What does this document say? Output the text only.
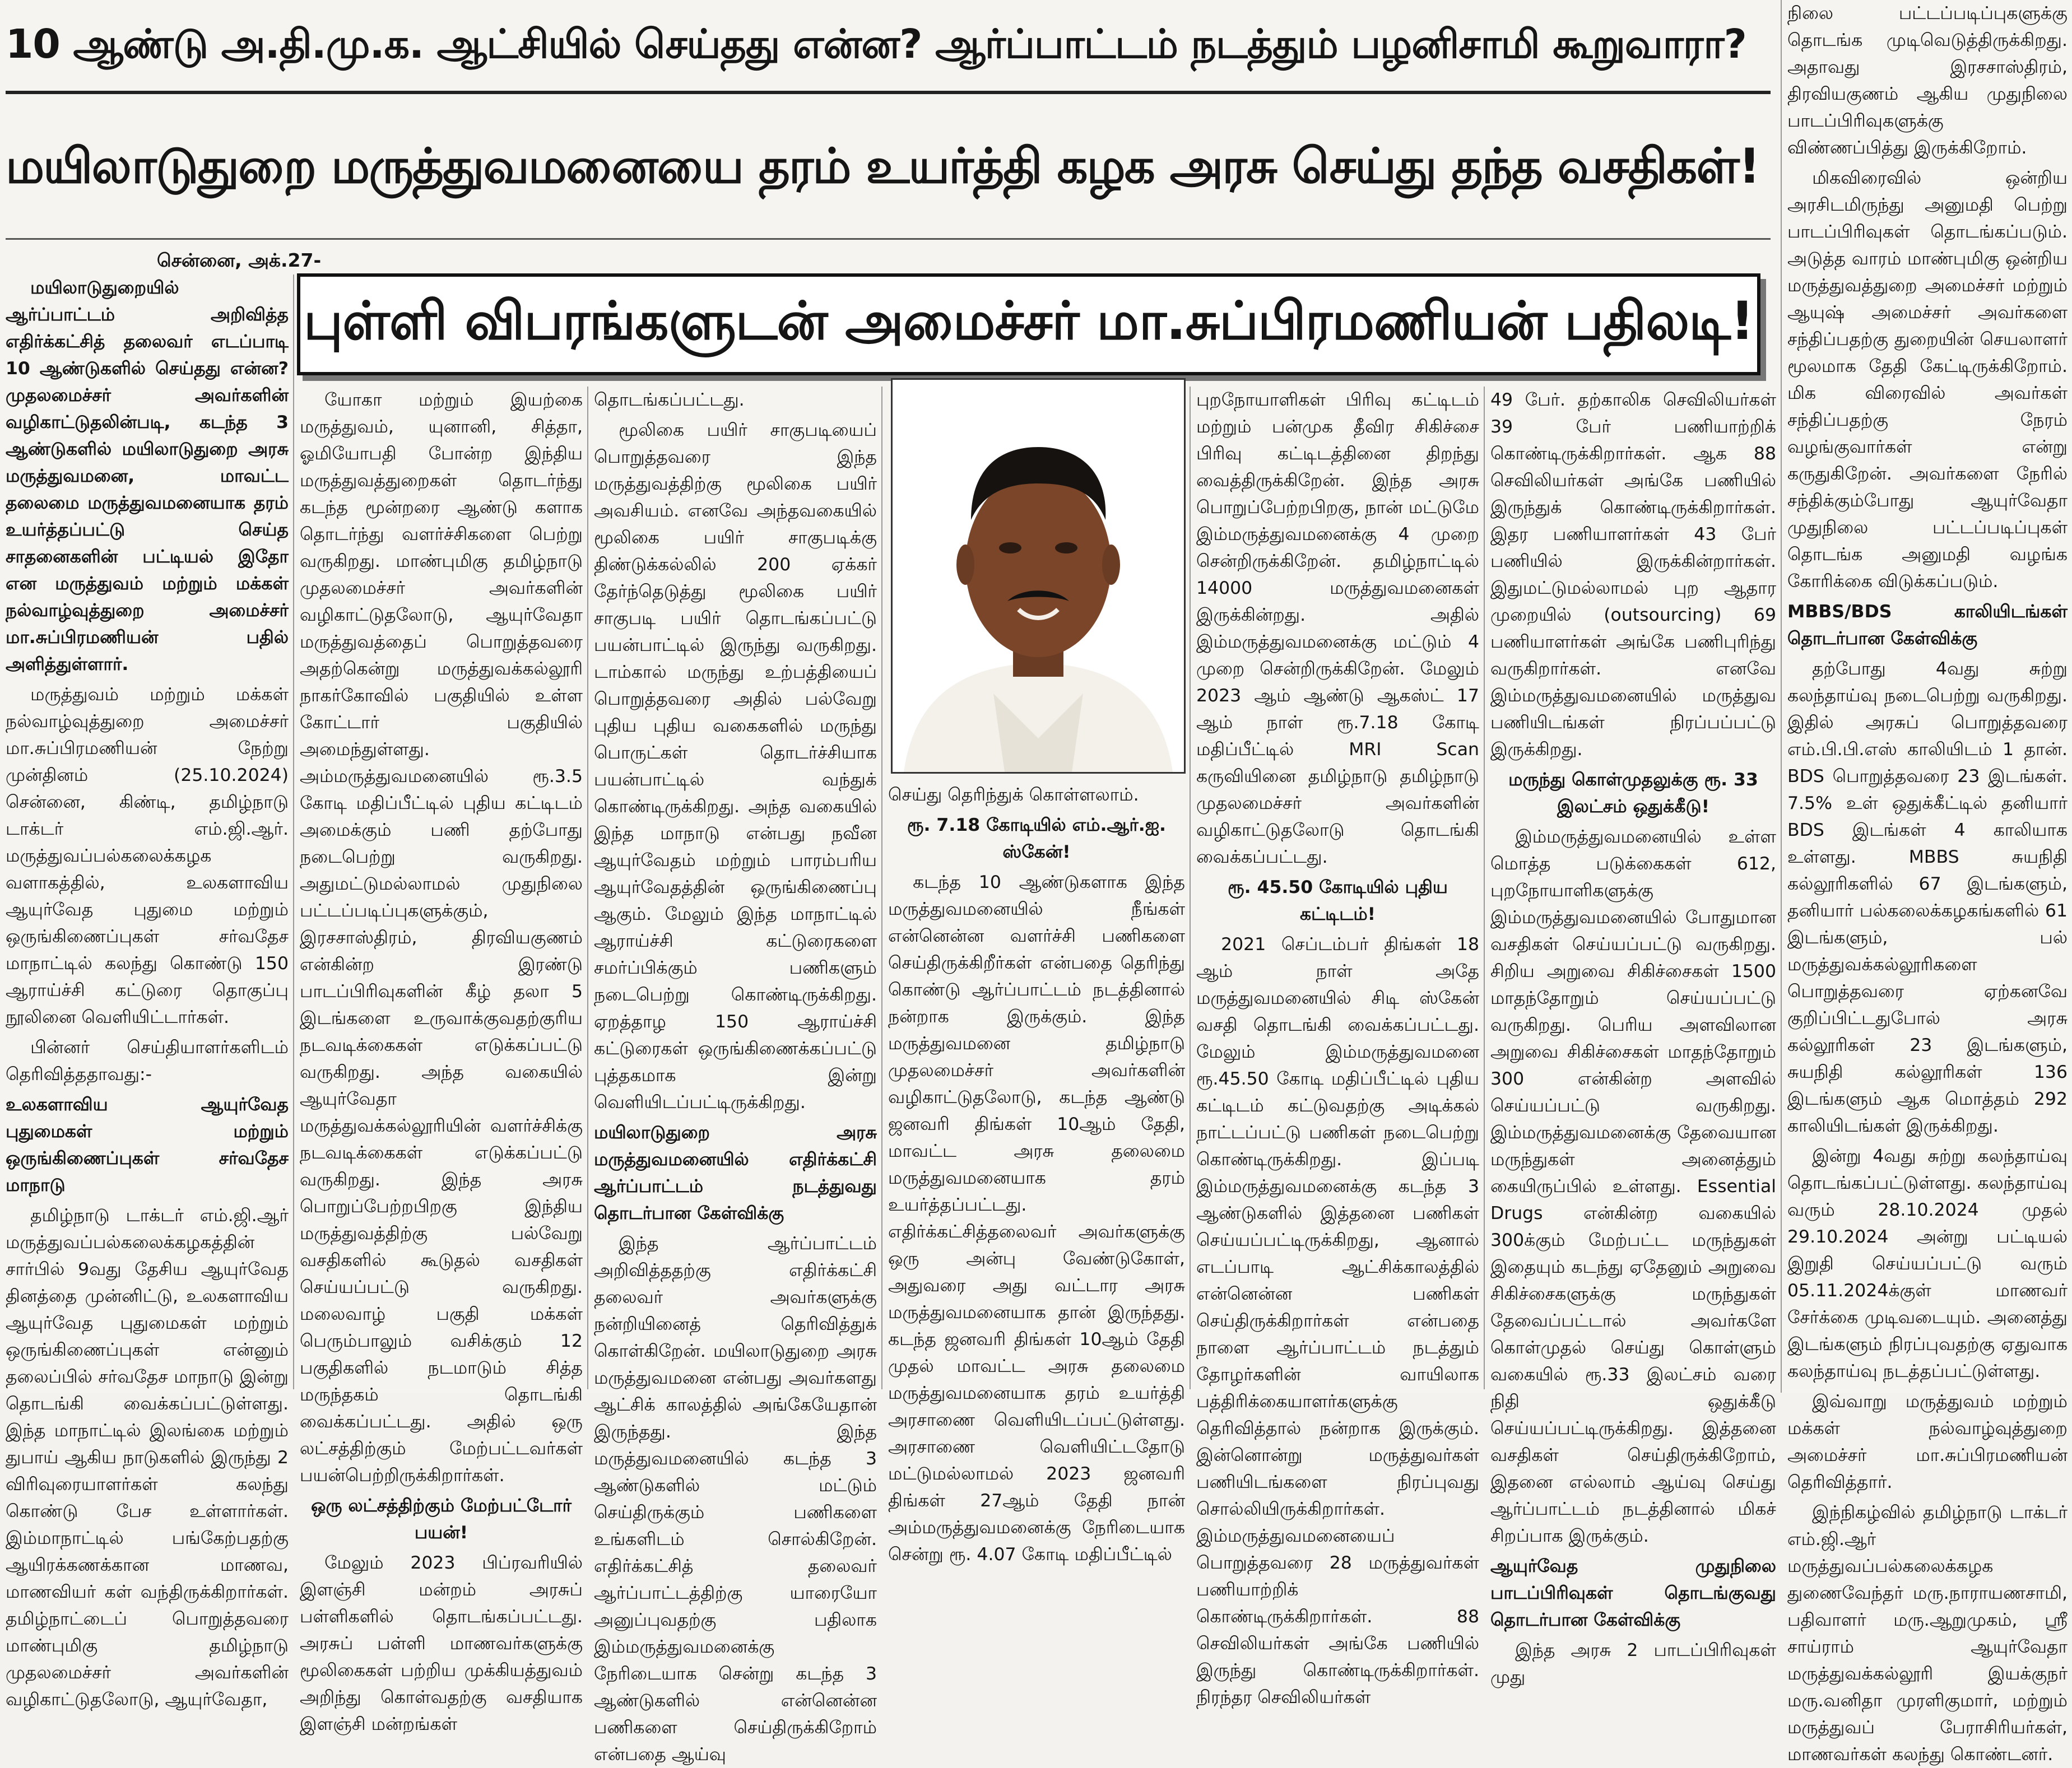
10 ஆண்டு அ.தி.மு.க. ஆட்சியில் செய்தது என்ன? ஆர்ப்பாட்டம் நடத்தும் பழனிசாமி கூறுவாரா?
மயிலாடுதுறை மருத்துவமனையை தரம் உயர்த்தி கழக அரசு செய்து தந்த வசதிகள்!
சென்னை, அக்.27-
புள்ளி விபரங்களுடன் அமைச்சர் மா.சுப்பிரமணியன் பதிலடி!

மயிலாடுதுறையில் ஆர்ப்பாட்டம் அறிவித்த எதிர்க்கட்சித் தலைவர் எடப்பாடி 10 ஆண்டுகளில் செய்தது என்ன? முதலமைச்சர் அவர்களின் வழிகாட்டுதலின்படி, கடந்த 3 ஆண்டுகளில் மயிலாடுதுறை அரசு மருத்துவமனை, மாவட்ட தலைமை மருத்துவமனையாக தரம் உயர்த்தப்பட்டு செய்த சாதனைகளின் பட்டியல் இதோ என மருத்துவம் மற்றும் மக்கள் நல்வாழ்வுத்துறை அமைச்சர் மா.சுப்பிரமணியன் பதில் அளித்துள்ளார்.

மருத்துவம் மற்றும் மக்கள் நல்வாழ்வுத்துறை அமைச்சர் மா.சுப்பிரமணியன் நேற்று முன்தினம் (25.10.2024) சென்னை, கிண்டி, தமிழ்நாடு டாக்டர் எம்.ஜி.ஆர். மருத்துவப்பல்கலைக்கழக வளாகத்தில், உலகளாவிய ஆயுர்வேத புதுமை மற்றும் ஒருங்கிணைப்புகள் சர்வதேச மாநாட்டில் கலந்து கொண்டு 150 ஆராய்ச்சி கட்டுரை தொகுப்பு நூலினை வெளியிட்டார்கள்.

பின்னர் செய்தியாளர்களிடம் தெரிவித்ததாவது:-

உலகளாவிய ஆயுர்வேத புதுமைகள் மற்றும் ஒருங்கிணைப்புகள் சர்வதேச மாநாடு

தமிழ்நாடு டாக்டர் எம்.ஜி.ஆர் மருத்துவப்பல்கலைக்கழகத்தின் சார்பில் 9வது தேசிய ஆயுர்வேத தினத்தை முன்னிட்டு, உலகளாவிய ஆயுர்வேத புதுமைகள் மற்றும் ஒருங்கிணைப்புகள் என்னும் தலைப்பில் சர்வதேச மாநாடு இன்று தொடங்கி வைக்கப்பட்டுள்ளது. இந்த மாநாட்டில் இலங்கை மற்றும் துபாய் ஆகிய நாடுகளில் இருந்து 2 விரிவுரையாளர்கள் கலந்து கொண்டு பேச உள்ளார்கள். இம்மாநாட்டில் பங்கேற்பதற்கு ஆயிரக்கணக்கான மாணவ, மாணவியர் கள் வந்திருக்கிறார்கள். தமிழ்நாட்டைப் பொறுத்தவரை மாண்புமிகு தமிழ்நாடு முதலமைச்சர் அவர்களின் வழிகாட்டுதலோடு, ஆயுர்வேதா,

யோகா மற்றும் இயற்கை மருத்துவம், யுனானி, சித்தா, ஓமியோபதி போன்ற இந்திய மருத்துவத்துறைகள் தொடர்ந்து கடந்த மூன்றரை ஆண்டு களாக தொடர்ந்து வளர்ச்சிகளை பெற்று வருகிறது. மாண்புமிகு தமிழ்நாடு முதலமைச்சர் அவர்களின் வழிகாட்டுதலோடு, ஆயுர்வேதா மருத்துவத்தைப் பொறுத்தவரை அதற்கென்று மருத்துவக்கல்லூரி நாகர்கோவில் பகுதியில் உள்ள கோட்டார் பகுதியில் அமைந்துள்ளது. அம்மருத்துவமனையில் ரூ.3.5 கோடி மதிப்பீட்டில் புதிய கட்டிடம் அமைக்கும் பணி தற்போது நடைபெற்று வருகிறது. அதுமட்டுமல்லாமல் முதுநிலை பட்டப்படிப்புகளுக்கும், இரசசாஸ்திரம், திரவியகுணம் என்கின்ற இரண்டு பாடப்பிரிவுகளின் கீழ் தலா 5 இடங்களை உருவாக்குவதற்குரிய நடவடிக்கைகள் எடுக்கப்பட்டு வருகிறது. அந்த வகையில் ஆயுர்வேதா மருத்துவக்கல்லூரியின் வளர்ச்சிக்கு நடவடிக்கைகள் எடுக்கப்பட்டு வருகிறது. இந்த அரசு பொறுப்பேற்றபிறகு இந்திய மருத்துவத்திற்கு பல்வேறு வசதிகளில் கூடுதல் வசதிகள் செய்யப்பட்டு வருகிறது. மலைவாழ் பகுதி மக்கள் பெரும்பாலும் வசிக்கும் 12 பகுதிகளில் நடமாடும் சித்த மருந்தகம் தொடங்கி வைக்கப்பட்டது. அதில் ஒரு லட்சத்திற்கும் மேற்பட்டவர்கள் பயன்பெற்றிருக்கிறார்கள்.

ஒரு லட்சத்திற்கும் மேற்பட்டோர் பயன்!

மேலும் 2023 பிப்ரவரியில் இளஞ்சி மன்றம் அரசுப் பள்ளிகளில் தொடங்கப்பட்டது. அரசுப் பள்ளி மாணவர்களுக்கு மூலிகைகள் பற்றிய முக்கியத்துவம் அறிந்து கொள்வதற்கு வசதியாக இளஞ்சி மன்றங்கள்

தொடங்கப்பட்டது.

மூலிகை பயிர் சாகுபடியைப் பொறுத்தவரை இந்த மருத்துவத்திற்கு மூலிகை பயிர் அவசியம். எனவே அந்தவகையில் மூலிகை பயிர் சாகுபடிக்கு திண்டுக்கல்லில் 200 ஏக்கர் தேர்ந்தெடுத்து மூலிகை பயிர் சாகுபடி பயிர் தொடங்கப்பட்டு பயன்பாட்டில் இருந்து வருகிறது. டாம்கால் மருந்து உற்பத்தியைப் பொறுத்தவரை அதில் பல்வேறு புதிய புதிய வகைகளில் மருந்து பொருட்கள் தொடர்ச்சியாக பயன்பாட்டில் வந்துக் கொண்டிருக்கிறது. அந்த வகையில் இந்த மாநாடு என்பது நவீன ஆயுர்வேதம் மற்றும் பாரம்பரிய ஆயுர்வேதத்தின் ஒருங்கிணைப்பு ஆகும். மேலும் இந்த மாநாட்டில் ஆராய்ச்சி கட்டுரைகளை சமர்ப்பிக்கும் பணிகளும் நடைபெற்று கொண்டிருக்கிறது. ஏறத்தாழ 150 ஆராய்ச்சி கட்டுரைகள் ஒருங்கிணைக்கப்பட்டு புத்தகமாக இன்று வெளியிடப்பட்டிருக்கிறது.

மயிலாடுதுறை அரசு மருத்துவமனையில் எதிர்க்கட்சி ஆர்ப்பாட்டம் நடத்துவது தொடர்பான கேள்விக்கு

இந்த ஆர்ப்பாட்டம் அறிவித்ததற்கு எதிர்க்கட்சி தலைவர் அவர்களுக்கு நன்றியினைத் தெரிவித்துக் கொள்கிறேன். மயிலாடுதுறை அரசு மருத்துவமனை என்பது அவர்களது ஆட்சிக் காலத்தில் அங்கேயேதான் இருந்தது. இந்த மருத்துவமனையில் கடந்த 3 ஆண்டுகளில் மட்டும் செய்திருக்கும் பணிகளை உங்களிடம் சொல்கிறேன். எதிர்க்கட்சித் தலைவர் ஆர்ப்பாட்டத்திற்கு யாரையோ அனுப்புவதற்கு பதிலாக இம்மருத்துவமனைக்கு நேரிடையாக சென்று கடந்த 3 ஆண்டுகளில் என்னென்ன பணிகளை செய்திருக்கிறோம் என்பதை ஆய்வு

செய்து தெரிந்துக் கொள்ளலாம்.

ரூ. 7.18 கோடியில் எம்.ஆர்.ஐ. ஸ்கேன்!

கடந்த 10 ஆண்டுகளாக இந்த மருத்துவமனையில் நீங்கள் என்னென்ன வளர்ச்சி பணிகளை செய்திருக்கிறீர்கள் என்பதை தெரிந்து கொண்டு ஆர்ப்பாட்டம் நடத்தினால் நன்றாக இருக்கும். இந்த மருத்துவமனை தமிழ்நாடு முதலமைச்சர் அவர்களின் வழிகாட்டுதலோடு, கடந்த ஆண்டு ஜனவரி திங்கள் 10ஆம் தேதி, மாவட்ட அரசு தலைமை மருத்துவமனையாக தரம் உயர்த்தப்பட்டது. எதிர்க்கட்சித்தலைவர் அவர்களுக்கு ஒரு அன்பு வேண்டுகோள், அதுவரை அது வட்டார அரசு மருத்துவமனையாக தான் இருந்தது. கடந்த ஜனவரி திங்கள் 10ஆம் தேதி முதல் மாவட்ட அரசு தலைமை மருத்துவமனையாக தரம் உயர்த்தி அரசாணை வெளியிடப்பட்டுள்ளது. அரசாணை வெளியிட்டதோடு மட்டுமல்லாமல் 2023 ஜனவரி திங்கள் 27ஆம் தேதி நான் அம்மருத்துவமனைக்கு நேரிடையாக சென்று ரூ. 4.07 கோடி மதிப்பீட்டில்

புறநோயாளிகள் பிரிவு கட்டிடம் மற்றும் பன்முக தீவிர சிகிச்சை பிரிவு கட்டிடத்தினை திறந்து வைத்திருக்கிறேன். இந்த அரசு பொறுப்பேற்றபிறகு, நான் மட்டுமே இம்மருத்துவமனைக்கு 4 முறை சென்றிருக்கிறேன். தமிழ்நாட்டில் 14000 மருத்துவமனைகள் இருக்கின்றது. அதில் இம்மருத்துவமனைக்கு மட்டும் 4 முறை சென்றிருக்கிறேன். மேலும் 2023 ஆம் ஆண்டு ஆகஸ்ட் 17 ஆம் நாள் ரூ.7.18 கோடி மதிப்பீட்டில் MRI Scan கருவியினை தமிழ்நாடு தமிழ்நாடு முதலமைச்சர் அவர்களின் வழிகாட்டுதலோடு தொடங்கி வைக்கப்பட்டது.

ரூ. 45.50 கோடியில் புதிய கட்டிடம்!

2021 செப்டம்பர் திங்கள் 18 ஆம் நாள் அதே மருத்துவமனையில் சிடி ஸ்கேன் வசதி தொடங்கி வைக்கப்பட்டது. மேலும் இம்மருத்துவமனை ரூ.45.50 கோடி மதிப்பீட்டில் புதிய கட்டிடம் கட்டுவதற்கு அடிக்கல் நாட்டப்பட்டு பணிகள் நடைபெற்று கொண்டிருக்கிறது. இப்படி இம்மருத்துவமனைக்கு கடந்த 3 ஆண்டுகளில் இத்தனை பணிகள் செய்யப்பட்டிருக்கிறது, ஆனால் எடப்பாடி ஆட்சிக்காலத்தில் என்னென்ன பணிகள் செய்திருக்கிறார்கள் என்பதை நாளை ஆர்ப்பாட்டம் நடத்தும் தோழர்களின் வாயிலாக பத்திரிக்கையாளர்களுக்கு தெரிவித்தால் நன்றாக இருக்கும். இன்னொன்று மருத்துவர்கள் பணியிடங்களை நிரப்புவது சொல்லியிருக்கிறார்கள். இம்மருத்துவமனையைப் பொறுத்தவரை 28 மருத்துவர்கள் பணியாற்றிக் கொண்டிருக்கிறார்கள். 88 செவிலியர்கள் அங்கே பணியில் இருந்து கொண்டிருக்கிறார்கள். நிரந்தர செவிலியர்கள்

49 பேர். தற்காலிக செவிலியர்கள் 39 பேர் பணியாற்றிக் கொண்டிருக்கிறார்கள். ஆக 88 செவிலியர்கள் அங்கே பணியில் இருந்துக் கொண்டிருக்கிறார்கள். இதர பணியாளர்கள் 43 பேர் பணியில் இருக்கின்றார்கள். இதுமட்டுமல்லாமல் புற ஆதார முறையில் (outsourcing) 69 பணியாளர்கள் அங்கே பணிபுரிந்து வருகிறார்கள். எனவே இம்மருத்துவமனையில் மருத்துவ பணியிடங்கள் நிரப்பப்பட்டு இருக்கிறது.

மருந்து கொள்முதலுக்கு ரூ. 33 இலட்சம் ஒதுக்கீடு!

இம்மருத்துவமனையில் உள்ள மொத்த படுக்கைகள் 612, புறநோயாளிகளுக்கு இம்மருத்துவமனையில் போதுமான வசதிகள் செய்யப்பட்டு வருகிறது. சிறிய அறுவை சிகிச்சைகள் 1500 மாதந்தோறும் செய்யப்பட்டு வருகிறது. பெரிய அளவிலான அறுவை சிகிச்சைகள் மாதந்தோறும் 300 என்கின்ற அளவில் செய்யப்பட்டு வருகிறது. இம்மருத்துவமனைக்கு தேவையான மருந்துகள் அனைத்தும் கையிருப்பில் உள்ளது. Essential Drugs என்கின்ற வகையில் 300க்கும் மேற்பட்ட மருந்துகள் இதையும் கடந்து ஏதேனும் அறுவை சிகிச்சைகளுக்கு மருந்துகள் தேவைப்பட்டால் அவர்களே கொள்முதல் செய்து கொள்ளும் வகையில் ரூ.33 இலட்சம் வரை நிதி ஒதுக்கீடு செய்யப்பட்டிருக்கிறது. இத்தனை வசதிகள் செய்திருக்கிறோம், இதனை எல்லாம் ஆய்வு செய்து ஆர்ப்பாட்டம் நடத்தினால் மிகச் சிறப்பாக இருக்கும்.

ஆயுர்வேத முதுநிலை பாடப்பிரிவுகள் தொடங்குவது தொடர்பான கேள்விக்கு

இந்த அரசு 2 பாடப்பிரிவுகள் முது

நிலை பட்டப்படிப்புகளுக்கு தொடங்க முடிவெடுத்திருக்கிறது. அதாவது இரசசாஸ்திரம், திரவியகுணம் ஆகிய முதுநிலை பாடப்பிரிவுகளுக்கு விண்ணப்பித்து இருக்கிறோம்.

மிகவிரைவில் ஒன்றிய அரசிடமிருந்து அனுமதி பெற்று பாடப்பிரிவுகள் தொடங்கப்படும். அடுத்த வாரம் மாண்புமிகு ஒன்றிய மருத்துவத்துறை அமைச்சர் மற்றும் ஆயுஷ் அமைச்சர் அவர்களை சந்திப்பதற்கு துறையின் செயலாளர் மூலமாக தேதி கேட்டிருக்கிறோம். மிக விரைவில் அவர்கள் சந்திப்பதற்கு நேரம் வழங்குவார்கள் என்று கருதுகிறேன். அவர்களை நேரில் சந்திக்கும்போது ஆயுர்வேதா முதுநிலை பட்டப்படிப்புகள் தொடங்க அனுமதி வழங்க கோரிக்கை விடுக்கப்படும்.

MBBS/BDS காலியிடங்கள் தொடர்பான கேள்விக்கு

தற்போது 4வது சுற்று கலந்தாய்வு நடைபெற்று வருகிறது. இதில் அரசுப் பொறுத்தவரை எம்.பி.பி.எஸ் காலியிடம் 1 தான். BDS பொறுத்தவரை 23 இடங்கள். 7.5% உள் ஒதுக்கீட்டில் தனியார் BDS இடங்கள் 4 காலியாக உள்ளது. MBBS சுயநிதி கல்லூரிகளில் 67 இடங்களும், தனியார் பல்கலைக்கழகங்களில் 61 இடங்களும், பல் மருத்துவக்கல்லூரிகளை பொறுத்தவரை ஏற்கனவே குறிப்பிட்டதுபோல் அரசு கல்லூரிகள் 23 இடங்களும், சுயநிதி கல்லூரிகள் 136 இடங்களும் ஆக மொத்தம் 292 காலியிடங்கள் இருக்கிறது.

இன்று 4வது சுற்று கலந்தாய்வு தொடங்கப்பட்டுள்ளது. கலந்தாய்வு வரும் 28.10.2024 முதல் 29.10.2024 அன்று பட்டியல் இறுதி செய்யப்பட்டு வரும் 05.11.2024க்குள் மாணவர் சேர்க்கை முடிவடையும். அனைத்து இடங்களும் நிரப்புவதற்கு ஏதுவாக கலந்தாய்வு நடத்தப்பட்டுள்ளது.

இவ்வாறு மருத்துவம் மற்றும் மக்கள் நல்வாழ்வுத்துறை அமைச்சர் மா.சுப்பிரமணியன் தெரிவித்தார்.

இந்நிகழ்வில் தமிழ்நாடு டாக்டர் எம்.ஜி.ஆர் மருத்துவப்பல்கலைக்கழக துணைவேந்தர் மரு.நாராயணசாமி, பதிவாளர் மரு.ஆறுமுகம், ஸ்ரீ சாய்ராம் ஆயுர்வேதா மருத்துவக்கல்லூரி இயக்குநர் மரு.வனிதா முரளிகுமார், மற்றும் மருத்துவப் பேராசிரியர்கள், மாணவர்கள் கலந்து கொண்டனர்.
